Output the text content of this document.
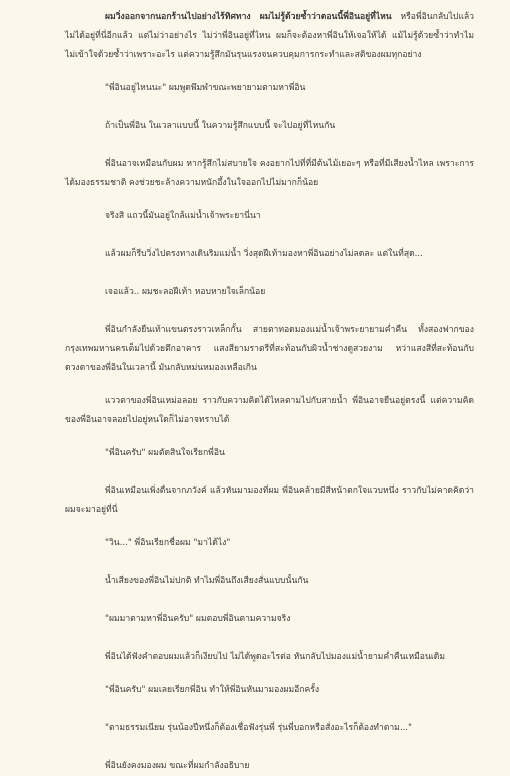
ผมวิ่งออกจากนอกร้านไปอย่างไร้ทิศทาง ผมไม่รู้ด้วยซ้ำว่าตอนนี้พี่อินอยู่ที่ไหน หรือพี่อินกลับไปแล้ว ไม่ได้อยู่ที่นี่อีกแล้ว แต่ไม่ว่าอย่างไร ไม่ว่าพี่อินอยู่ที่ไหน ผมก็จะต้องหาพี่อินให้เจอให้ได้ แม้ไม่รู้ด้วยซ้ำว่าทำไม ไม่เข้าใจด้วยซ้ำว่าเพราะอะไร แต่ความรู้สึกมันรุนแรงจนควบคุมการกระทำและสติของผมทุกอย่าง

"พี่อินอยู่ไหนนะ" ผมพูดพึมพำขณะพยายามตามหาพี่อิน

ถ้าเป็นพี่อิน ในเวลาแบบนี้ ในความรู้สึกแบบนี้ จะไปอยู่ที่ไหนกัน

พี่อินอาจเหมือนกับผม หากรู้สึกไม่สบายใจ คงอยากไปที่ที่มีต้นไม้เยอะๆ หรือที่มีเสียงน้ำไหล เพราะการได้มองธรรมชาติ คงช่วยชะล้างความหนักอึ้งในใจออกไปไม่มากก็น้อย

จริงสิ แถวนี้มันอยู่ใกล้แม่น้ำเจ้าพระยานี่นา

แล้วผมก็รีบวิ่งไปตรงทางเดินริมแม่น้ำ วิ่งสุดฝีเท้ามองหาพี่อินอย่างไม่ลดละ แต่ในที่สุด...

เจอแล้ว.. ผมชะลอฝีเท้า หอบหายใจเล็กน้อย

พี่อินกำลังยืนเท้าแขนตรงราวเหล็กกั้น สายตาทอดมองแม่น้ำเจ้าพระยายามค่ำคืน ทั้งสองฟากของกรุงเทพมหานครเต็มไปด้วยตึกอาคาร แสงสียามราตรีที่สะท้อนกับผิวน้ำช่างดูสวยงาม หว่าแสงสีที่สะท้อนกับดวงตาของพี่อินในเวลานี้ มันกลับหม่นหมองเหลือเกิน

แววตาของพี่อินเหม่อลอย ราวกับความคิดได้ไหลตามไปกับสายน้ำ พี่อินอาจยืนอยู่ตรงนี้ แต่ความคิดของพี่อินอาจลอยไปอยู่หนใดก็ไม่อาจทราบได้

"พี่อินครับ" ผมตัดสินใจเรียกพี่อิน

พี่อินเหมือนเพิ่งตื่นจากภวังค์ แล้วหันมามองที่ผม พี่อินคล้ายมีสีหน้าตกใจแวบหนึ่ง ราวกับไม่คาดคิดว่าผมจะมาอยู่ที่นี่

"วิน..." พี่อินเรียกชื่อผม "มาได้ไง"

น้ำเสียงของพี่อินไม่ปกติ ทำไมพี่อินถึงเสียงสั่นแบบนั้นกัน

"ผมมาตามหาพี่อินครับ" ผมตอบพี่อินตามความจริง

พี่อินได้ฟังคำตอบผมแล้วก็เงียบไป ไม่ได้พูดอะไรต่อ หันกลับไปมองแม่น้ำยามค่ำคืนเหมือนเดิม

"พี่อินครับ" ผมเลยเรียกพี่อิน ทำให้พี่อินหันมามองผมอีกครั้ง

"ตามธรรมเนียม รุ่นน้องปีหนึ่งก็ต้องเชื่อฟังรุ่นพี่ รุ่นพี่บอกหรือสั่งอะไรก็ต้องทำตาม..."

พี่อินยังคงมองผม ขณะที่ผมกำลังอธิบาย
